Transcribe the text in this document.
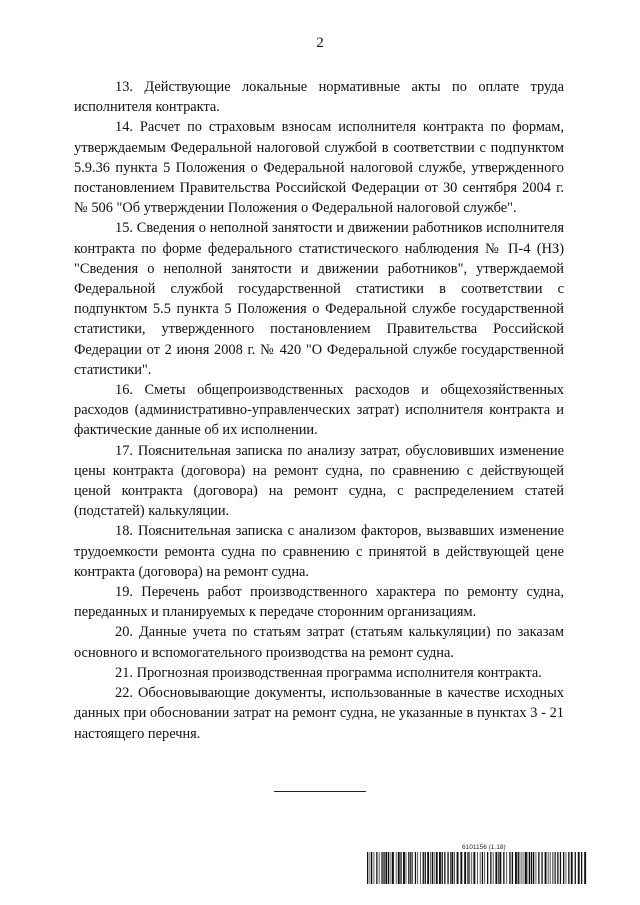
2

13. Действующие локальные нормативные акты по оплате труда исполнителя контракта.

14. Расчет по страховым взносам исполнителя контракта по формам, утверждаемым Федеральной налоговой службой в соответствии с подпунктом 5.9.36 пункта 5 Положения о Федеральной налоговой службе, утвержденного постановлением Правительства Российской Федерации от 30 сентября 2004 г. № 506 "Об утверждении Положения о Федеральной налоговой службе".

15. Сведения о неполной занятости и движении работников исполнителя контракта по форме федерального статистического наблюдения № П-4 (НЗ) "Сведения о неполной занятости и движении работников", утверждаемой Федеральной службой государственной статистики в соответствии с подпунктом 5.5 пункта 5 Положения о Федеральной службе государственной статистики, утвержденного постановлением Правительства Российской Федерации от 2 июня 2008 г. № 420 "О Федеральной службе государственной статистики".

16. Сметы общепроизводственных расходов и общехозяйственных расходов (административно-управленческих затрат) исполнителя контракта и фактические данные об их исполнении.

17. Пояснительная записка по анализу затрат, обусловивших изменение цены контракта (договора) на ремонт судна, по сравнению с действующей ценой контракта (договора) на ремонт судна, с распределением статей (подстатей) калькуляции.

18. Пояснительная записка с анализом факторов, вызвавших изменение трудоемкости ремонта судна по сравнению с принятой в действующей цене контракта (договора) на ремонт судна.

19. Перечень работ производственного характера по ремонту судна, переданных и планируемых к передаче сторонним организациям.

20. Данные учета по статьям затрат (статьям калькуляции) по заказам основного и вспомогательного производства на ремонт судна.

21. Прогнозная производственная программа исполнителя контракта.

22. Обосновывающие документы, использованные в качестве исходных данных при обосновании затрат на ремонт судна, не указанные в пунктах 3 - 21 настоящего перечня.

6101156 (1.18)
